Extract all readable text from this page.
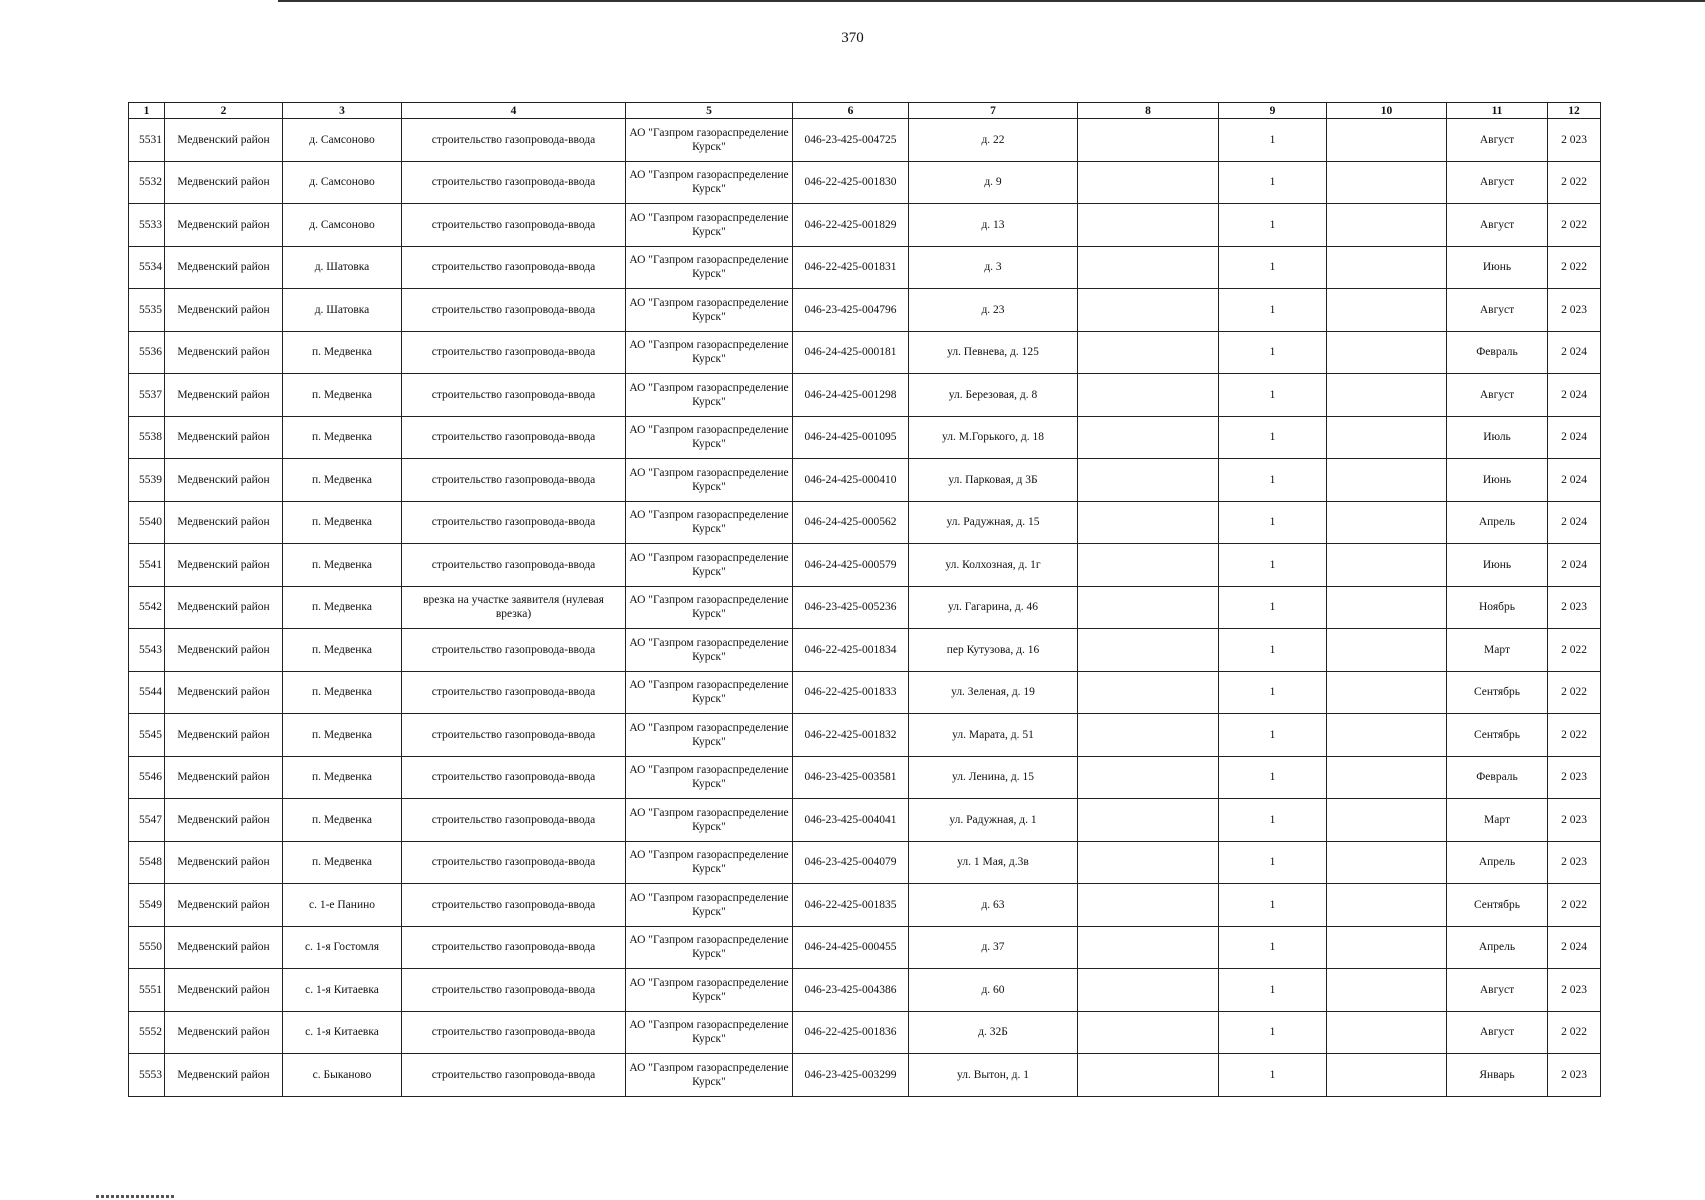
370
1	2	3	4	5	6	7	8	9	10	11	12
5531	Медвенский район	д. Самсоново	строительство газопровода-ввода	АО "Газпром газораспределение Курск"	046-23-425-004725	д. 22		1		Август	2 023
5532	Медвенский район	д. Самсоново	строительство газопровода-ввода	АО "Газпром газораспределение Курск"	046-22-425-001830	д. 9		1		Август	2 022
5533	Медвенский район	д. Самсоново	строительство газопровода-ввода	АО "Газпром газораспределение Курск"	046-22-425-001829	д. 13		1		Август	2 022
5534	Медвенский район	д. Шатовка	строительство газопровода-ввода	АО "Газпром газораспределение Курск"	046-22-425-001831	д. 3		1		Июнь	2 022
5535	Медвенский район	д. Шатовка	строительство газопровода-ввода	АО "Газпром газораспределение Курск"	046-23-425-004796	д. 23		1		Август	2 023
5536	Медвенский район	п. Медвенка	строительство газопровода-ввода	АО "Газпром газораспределение Курск"	046-24-425-000181	ул. Певнева, д. 125		1		Февраль	2 024
5537	Медвенский район	п. Медвенка	строительство газопровода-ввода	АО "Газпром газораспределение Курск"	046-24-425-001298	ул. Березовая, д. 8		1		Август	2 024
5538	Медвенский район	п. Медвенка	строительство газопровода-ввода	АО "Газпром газораспределение Курск"	046-24-425-001095	ул. М.Горького, д. 18		1		Июль	2 024
5539	Медвенский район	п. Медвенка	строительство газопровода-ввода	АО "Газпром газораспределение Курск"	046-24-425-000410	ул. Парковая, д 3Б		1		Июнь	2 024
5540	Медвенский район	п. Медвенка	строительство газопровода-ввода	АО "Газпром газораспределение Курск"	046-24-425-000562	ул. Радужная, д. 15		1		Апрель	2 024
5541	Медвенский район	п. Медвенка	строительство газопровода-ввода	АО "Газпром газораспределение Курск"	046-24-425-000579	ул. Колхозная, д. 1г		1		Июнь	2 024
5542	Медвенский район	п. Медвенка	врезка на участке заявителя (нулевая врезка)	АО "Газпром газораспределение Курск"	046-23-425-005236	ул. Гагарина, д. 46		1		Ноябрь	2 023
5543	Медвенский район	п. Медвенка	строительство газопровода-ввода	АО "Газпром газораспределение Курск"	046-22-425-001834	пер Кутузова, д. 16		1		Март	2 022
5544	Медвенский район	п. Медвенка	строительство газопровода-ввода	АО "Газпром газораспределение Курск"	046-22-425-001833	ул. Зеленая, д. 19		1		Сентябрь	2 022
5545	Медвенский район	п. Медвенка	строительство газопровода-ввода	АО "Газпром газораспределение Курск"	046-22-425-001832	ул. Марата, д. 51		1		Сентябрь	2 022
5546	Медвенский район	п. Медвенка	строительство газопровода-ввода	АО "Газпром газораспределение Курск"	046-23-425-003581	ул. Ленина, д. 15		1		Февраль	2 023
5547	Медвенский район	п. Медвенка	строительство газопровода-ввода	АО "Газпром газораспределение Курск"	046-23-425-004041	ул. Радужная, д. 1		1		Март	2 023
5548	Медвенский район	п. Медвенка	строительство газопровода-ввода	АО "Газпром газораспределение Курск"	046-23-425-004079	ул. 1 Мая, д.3в		1		Апрель	2 023
5549	Медвенский район	с. 1-е Панино	строительство газопровода-ввода	АО "Газпром газораспределение Курск"	046-22-425-001835	д. 63		1		Сентябрь	2 022
5550	Медвенский район	с. 1-я Гостомля	строительство газопровода-ввода	АО "Газпром газораспределение Курск"	046-24-425-000455	д. 37		1		Апрель	2 024
5551	Медвенский район	с. 1-я Китаевка	строительство газопровода-ввода	АО "Газпром газораспределение Курск"	046-23-425-004386	д. 60		1		Август	2 023
5552	Медвенский район	с. 1-я Китаевка	строительство газопровода-ввода	АО "Газпром газораспределение Курск"	046-22-425-001836	д. 32Б		1		Август	2 022
5553	Медвенский район	с. Быканово	строительство газопровода-ввода	АО "Газпром газораспределение Курск"	046-23-425-003299	ул. Вытон, д. 1		1		Январь	2 023
